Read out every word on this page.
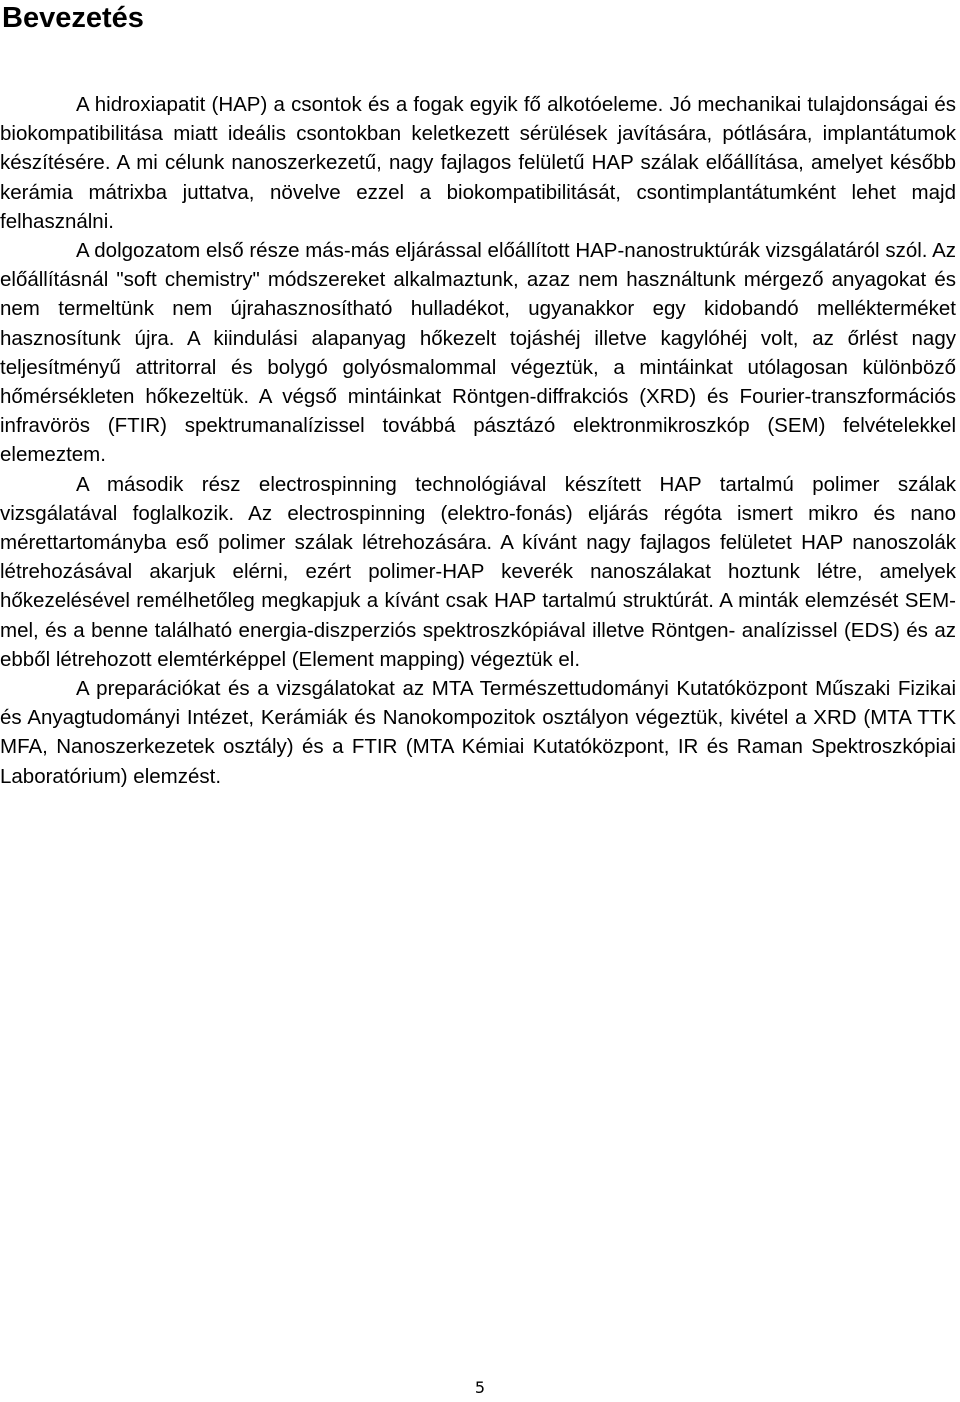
Bevezetés

A hidroxiapatit (HAP) a csontok és a fogak egyik fő alkotóeleme. Jó mechanikai tulajdonságai és biokompatibilitása miatt ideális csontokban keletkezett sérülések javítására, pótlására, implantátumok készítésére. A mi célunk nanoszerkezetű, nagy fajlagos felületű HAP szálak előállítása, amelyet később kerámia mátrixba juttatva, növelve ezzel a biokompatibilitását, csontimplantátumként lehet majd felhasználni.

A dolgozatom első része más-más eljárással előállított HAP-nanostruktúrák vizsgálatáról szól. Az előállításnál "soft chemistry" módszereket alkalmaztunk, azaz nem használtunk mérgező anyagokat és nem termeltünk nem újrahasznosítható hulladékot, ugyanakkor egy kidobandó mellékterméket hasznosítunk újra. A kiindulási alapanyag hőkezelt tojáshéj illetve kagylóhéj volt, az őrlést nagy teljesítményű attritorral és bolygó golyósmalommal végeztük, a mintáinkat utólagosan különböző hőmérsékleten hőkezeltük. A végső mintáinkat Röntgen-diffrakciós (XRD) és Fourier-transzformációs infravörös (FTIR) spektrumanalízissel továbbá pásztázó elektronmikroszkóp (SEM) felvételekkel elemeztem.

A második rész electrospinning technológiával készített HAP tartalmú polimer szálak vizsgálatával foglalkozik. Az electrospinning (elektro-fonás) eljárás régóta ismert mikro és nano mérettartományba eső polimer szálak létrehozására. A kívánt nagy fajlagos felületet HAP nanoszolák létrehozásával akarjuk elérni, ezért polimer-HAP keverék nanoszálakat hoztunk létre, amelyek hőkezelésével remélhetőleg megkapjuk a kívánt csak HAP tartalmú struktúrát. A minták elemzését SEM-mel, és a benne található energia-diszperziós spektroszkópiával illetve Röntgen- analízissel (EDS) és az ebből létrehozott elemtérképpel (Element mapping) végeztük el.

A preparációkat és a vizsgálatokat az MTA Természettudományi Kutatóközpont Műszaki Fizikai és Anyagtudományi Intézet, Kerámiák és Nanokompozitok osztályon végeztük, kivétel a XRD (MTA TTK MFA, Nanoszerkezetek osztály) és a FTIR (MTA Kémiai Kutatóközpont, IR és Raman Spektroszkópiai Laboratórium) elemzést.

5
